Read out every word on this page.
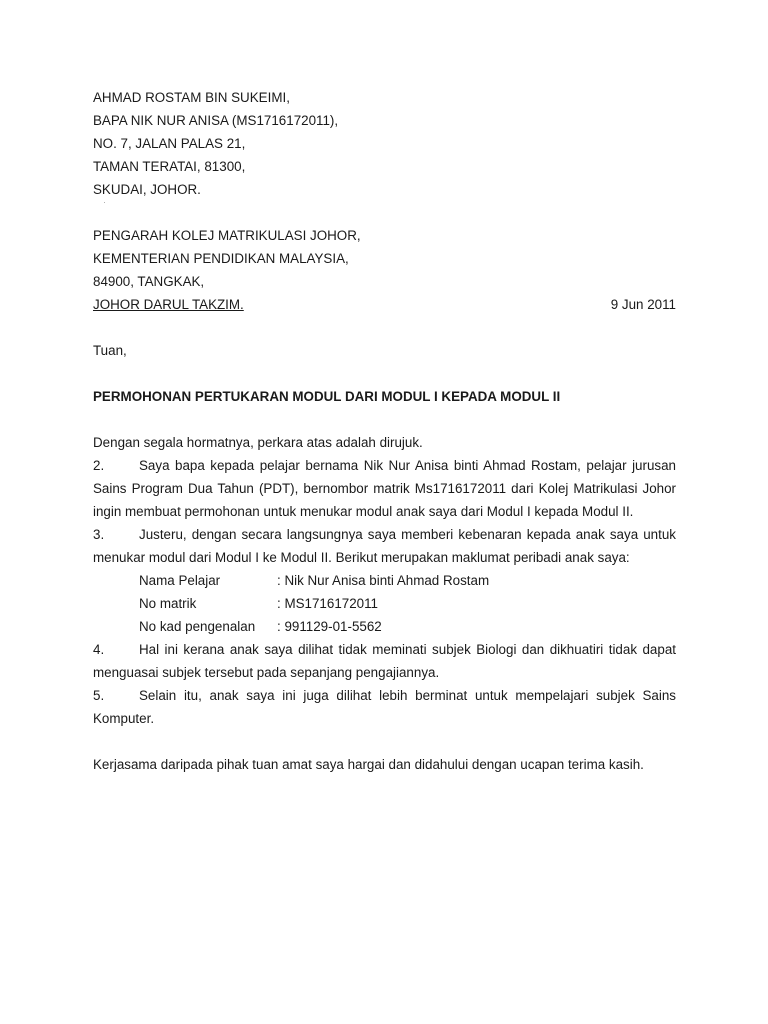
AHMAD ROSTAM BIN SUKEIMI,
BAPA NIK NUR ANISA (MS1716172011),
NO. 7, JALAN PALAS 21,
TAMAN TERATAI, 81300,
SKUDAI, JOHOR.
PENGARAH KOLEJ MATRIKULASI JOHOR,
KEMENTERIAN PENDIDIKAN MALAYSIA,
84900, TANGKAK,
JOHOR DARUL TAKZIM.	9 Jun 2011
Tuan,
PERMOHONAN PERTUKARAN MODUL DARI MODUL I KEPADA MODUL II
Dengan segala hormatnya, perkara atas adalah dirujuk.

2.	Saya bapa kepada pelajar bernama Nik Nur Anisa binti Ahmad Rostam, pelajar jurusan Sains Program Dua Tahun (PDT), bernombor matrik Ms1716172011 dari Kolej Matrikulasi Johor ingin membuat permohonan untuk menukar modul anak saya dari Modul I kepada Modul II.

3.	Justeru, dengan secara langsungnya saya memberi kebenaran kepada anak saya untuk menukar modul dari Modul I ke Modul II. Berikut merupakan maklumat peribadi anak saya:

Nama Pelajar	: Nik Nur Anisa binti Ahmad Rostam
No matrik	: MS1716172011
No kad pengenalan	: 991129-01-5562

4.	Hal ini kerana anak saya dilihat tidak meminati subjek Biologi dan dikhuatiri tidak dapat menguasai subjek tersebut pada sepanjang pengajiannya.

5.	Selain itu, anak saya ini juga dilihat lebih berminat untuk mempelajari subjek Sains Komputer.

Kerjasama daripada pihak tuan amat saya hargai dan didahului dengan ucapan terima kasih.
